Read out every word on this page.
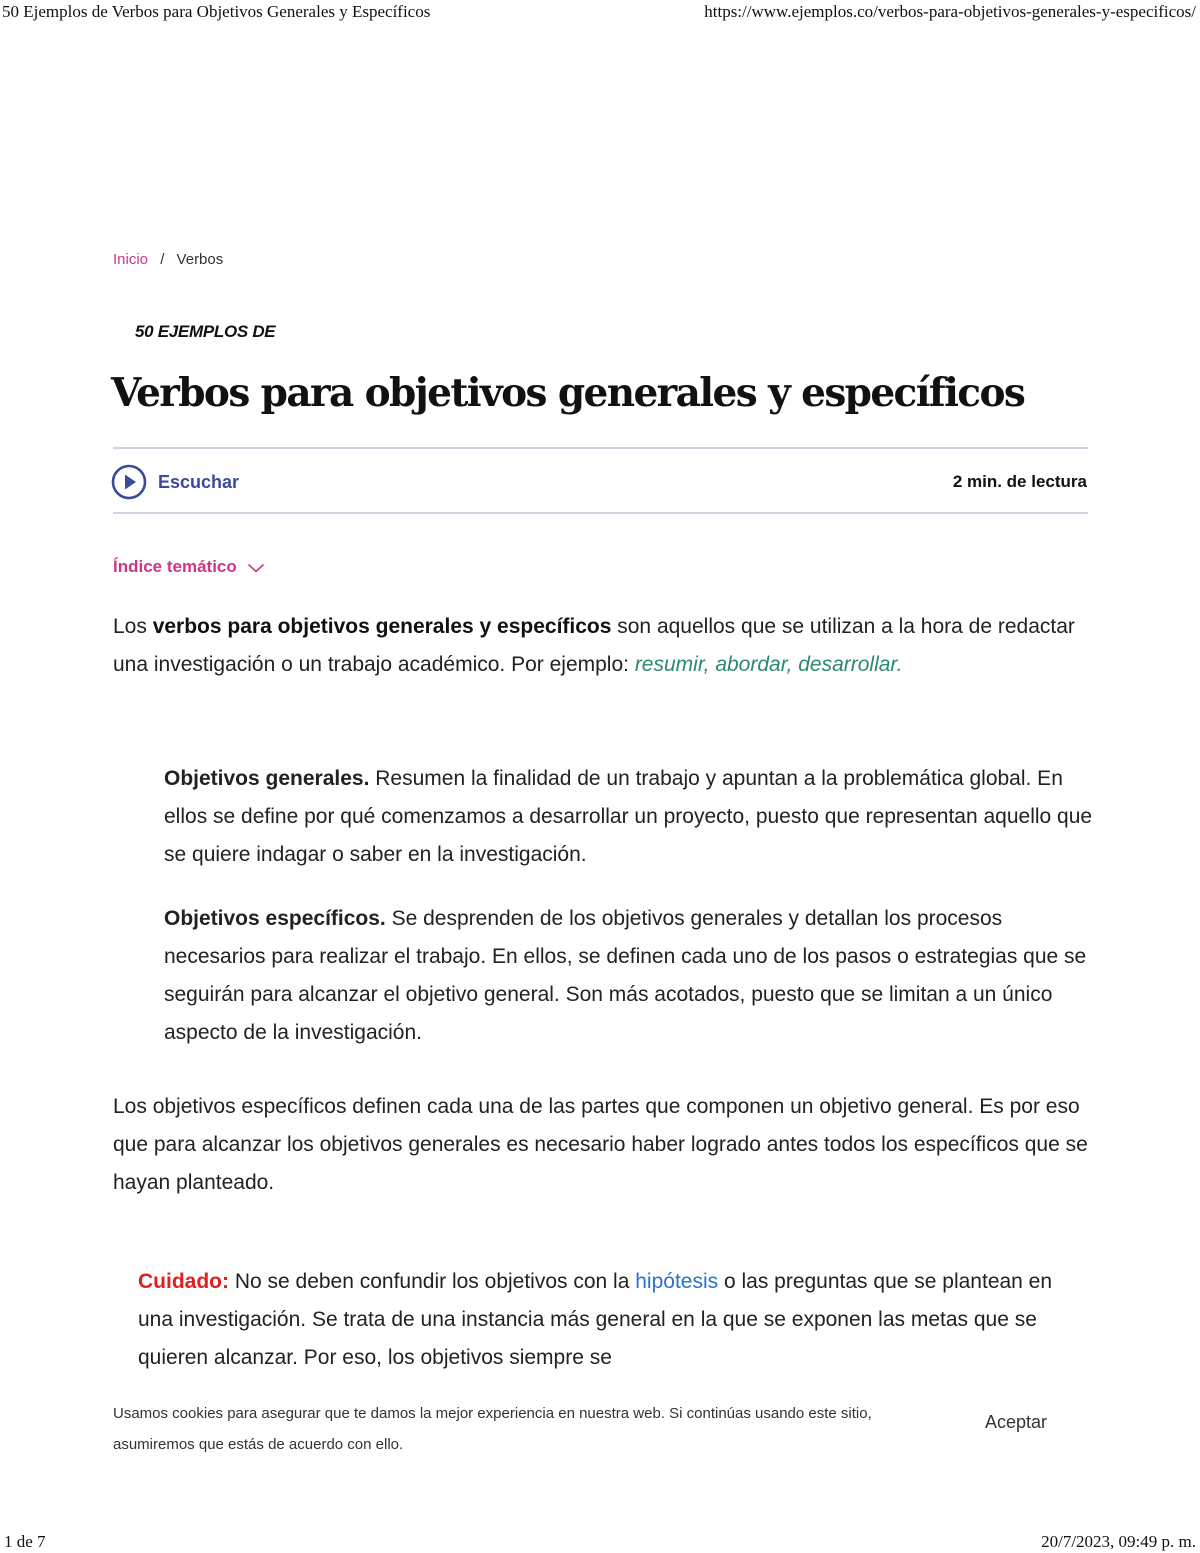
50 Ejemplos de Verbos para Objetivos Generales y Específicos	https://www.ejemplos.co/verbos-para-objetivos-generales-y-especificos/
Inicio / Verbos
50 EJEMPLOS DE
Verbos para objetivos generales y específicos
Escuchar	2 min. de lectura
Índice temático

Los verbos para objetivos generales y específicos son aquellos que se utilizan a la hora de redactar una investigación o un trabajo académico. Por ejemplo: resumir, abordar, desarrollar.

Objetivos generales. Resumen la finalidad de un trabajo y apuntan a la problemática global. En ellos se define por qué comenzamos a desarrollar un proyecto, puesto que representan aquello que se quiere indagar o saber en la investigación.

Objetivos específicos. Se desprenden de los objetivos generales y detallan los procesos necesarios para realizar el trabajo. En ellos, se definen cada uno de los pasos o estrategias que se seguirán para alcanzar el objetivo general. Son más acotados, puesto que se limitan a un único aspecto de la investigación.

Los objetivos específicos definen cada una de las partes que componen un objetivo general. Es por eso que para alcanzar los objetivos generales es necesario haber logrado antes todos los específicos que se hayan planteado.

Cuidado: No se deben confundir los objetivos con la hipótesis o las preguntas que se plantean en una investigación. Se trata de una instancia más general en la que se exponen las metas que se quieren alcanzar. Por eso, los objetivos siempre se

Usamos cookies para asegurar que te damos la mejor experiencia en nuestra web. Si continúas usando este sitio, asumiremos que estás de acuerdo con ello.

Aceptar
1 de 7	20/7/2023, 09:49 p. m.
